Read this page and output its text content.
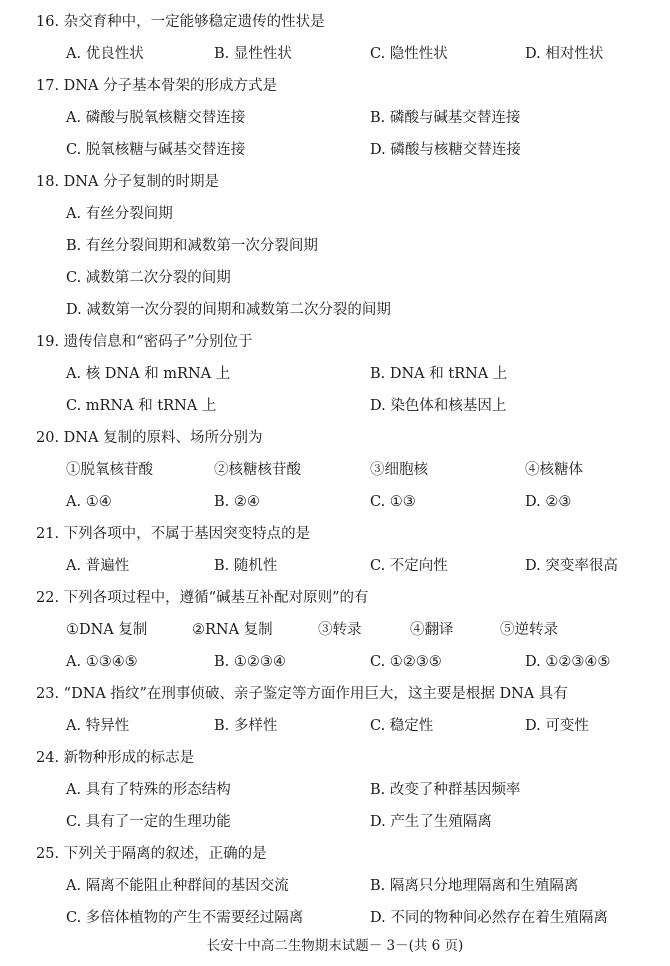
16. 杂交育种中，一定能够稳定遗传的性状是
A. 优良性状	B. 显性性状	C. 隐性性状	D. 相对性状
17. DNA 分子基本骨架的形成方式是
A. 磷酸与脱氧核糖交替连接	B. 磷酸与碱基交替连接
C. 脱氧核糖与碱基交替连接	D. 磷酸与核糖交替连接
18. DNA 分子复制的时期是
A. 有丝分裂间期
B. 有丝分裂间期和减数第一次分裂间期
C. 减数第二次分裂的间期
D. 减数第一次分裂的间期和减数第二次分裂的间期
19. 遗传信息和“密码子”分别位于
A. 核 DNA 和 mRNA 上	B. DNA 和 tRNA 上
C. mRNA 和 tRNA 上	D. 染色体和核基因上
20. DNA 复制的原料、场所分别为
①脱氧核苷酸	②核糖核苷酸	③细胞核	④核糖体
A. ①④	B. ②④	C. ①③	D. ②③
21. 下列各项中，不属于基因突变特点的是
A. 普遍性	B. 随机性	C. 不定向性	D. 突变率很高
22. 下列各项过程中，遵循“碱基互补配对原则”的有
①DNA 复制	②RNA 复制	③转录	④翻译	⑤逆转录
A. ①③④⑤	B. ①②③④	C. ①②③⑤	D. ①②③④⑤
23. “DNA 指纹”在刑事侦破、亲子鉴定等方面作用巨大，这主要是根据 DNA 具有
A. 特异性	B. 多样性	C. 稳定性	D. 可变性
24. 新物种形成的标志是
A. 具有了特殊的形态结构	B. 改变了种群基因频率
C. 具有了一定的生理功能	D. 产生了生殖隔离
25. 下列关于隔离的叙述，正确的是
A. 隔离不能阻止种群间的基因交流	B. 隔离只分地理隔离和生殖隔离
C. 多倍体植物的产生不需要经过隔离	D. 不同的物种间必然存在着生殖隔离
长安十中高二生物期末试题－ 3－(共 6 页)
